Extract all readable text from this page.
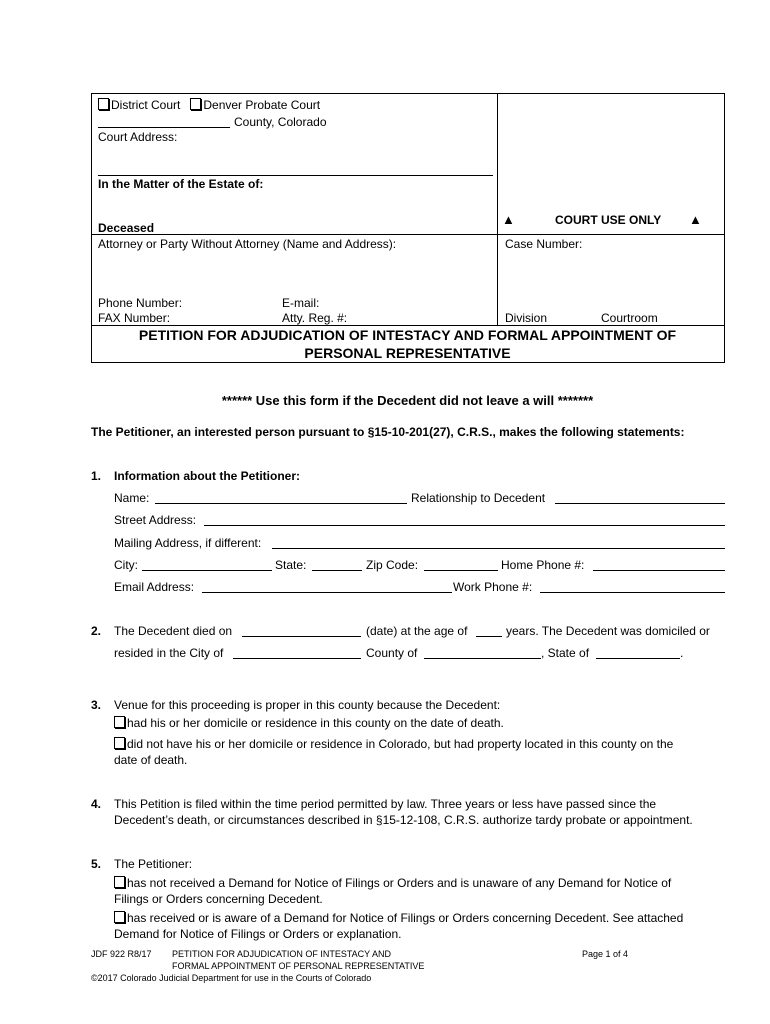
District Court Denver Probate Court
County, Colorado
Court Address:
In the Matter of the Estate of:
Deceased
Attorney or Party Without Attorney (Name and Address):
Phone Number:	E-mail:
FAX Number:	Atty. Reg. #:
▲	COURT USE ONLY ▲
Case Number:
Division	Courtroom
PETITION FOR ADJUDICATION OF INTESTACY AND FORMAL APPOINTMENT OF
PERSONAL REPRESENTATIVE
****** Use this form if the Decedent did not leave a will *******
The Petitioner, an interested person pursuant to §15-10-201(27), C.R.S., makes the following statements:
1. Information about the Petitioner:
Name:	Relationship to Decedent
Street Address:
Mailing Address, if different:
City:	State:	Zip Code:	Home Phone #:
Email Address:	Work Phone #:
2. The Decedent died on	(date) at the age of	years. The Decedent was domiciled or
resided in the City of	County of	, State of	.
3. Venue for this proceeding is proper in this county because the Decedent:
had his or her domicile or residence in this county on the date of death.
did not have his or her domicile or residence in Colorado, but had property located in this county on the
date of death.
4. This Petition is filed within the time period permitted by law. Three years or less have passed since the
Decedent’s death, or circumstances described in §15-12-108, C.R.S. authorize tardy probate or appointment.
5. The Petitioner:
has not received a Demand for Notice of Filings or Orders and is unaware of any Demand for Notice of
Filings or Orders concerning Decedent.
has received or is aware of a Demand for Notice of Filings or Orders concerning Decedent. See attached
Demand for Notice of Filings or Orders or explanation.
JDF 922 R8/17 PETITION FOR ADJUDICATION OF INTESTACY AND
FORMAL APPOINTMENT OF PERSONAL REPRESENTATIVE
©2017 Colorado Judicial Department for use in the Courts of Colorado
Page 1 of 4
